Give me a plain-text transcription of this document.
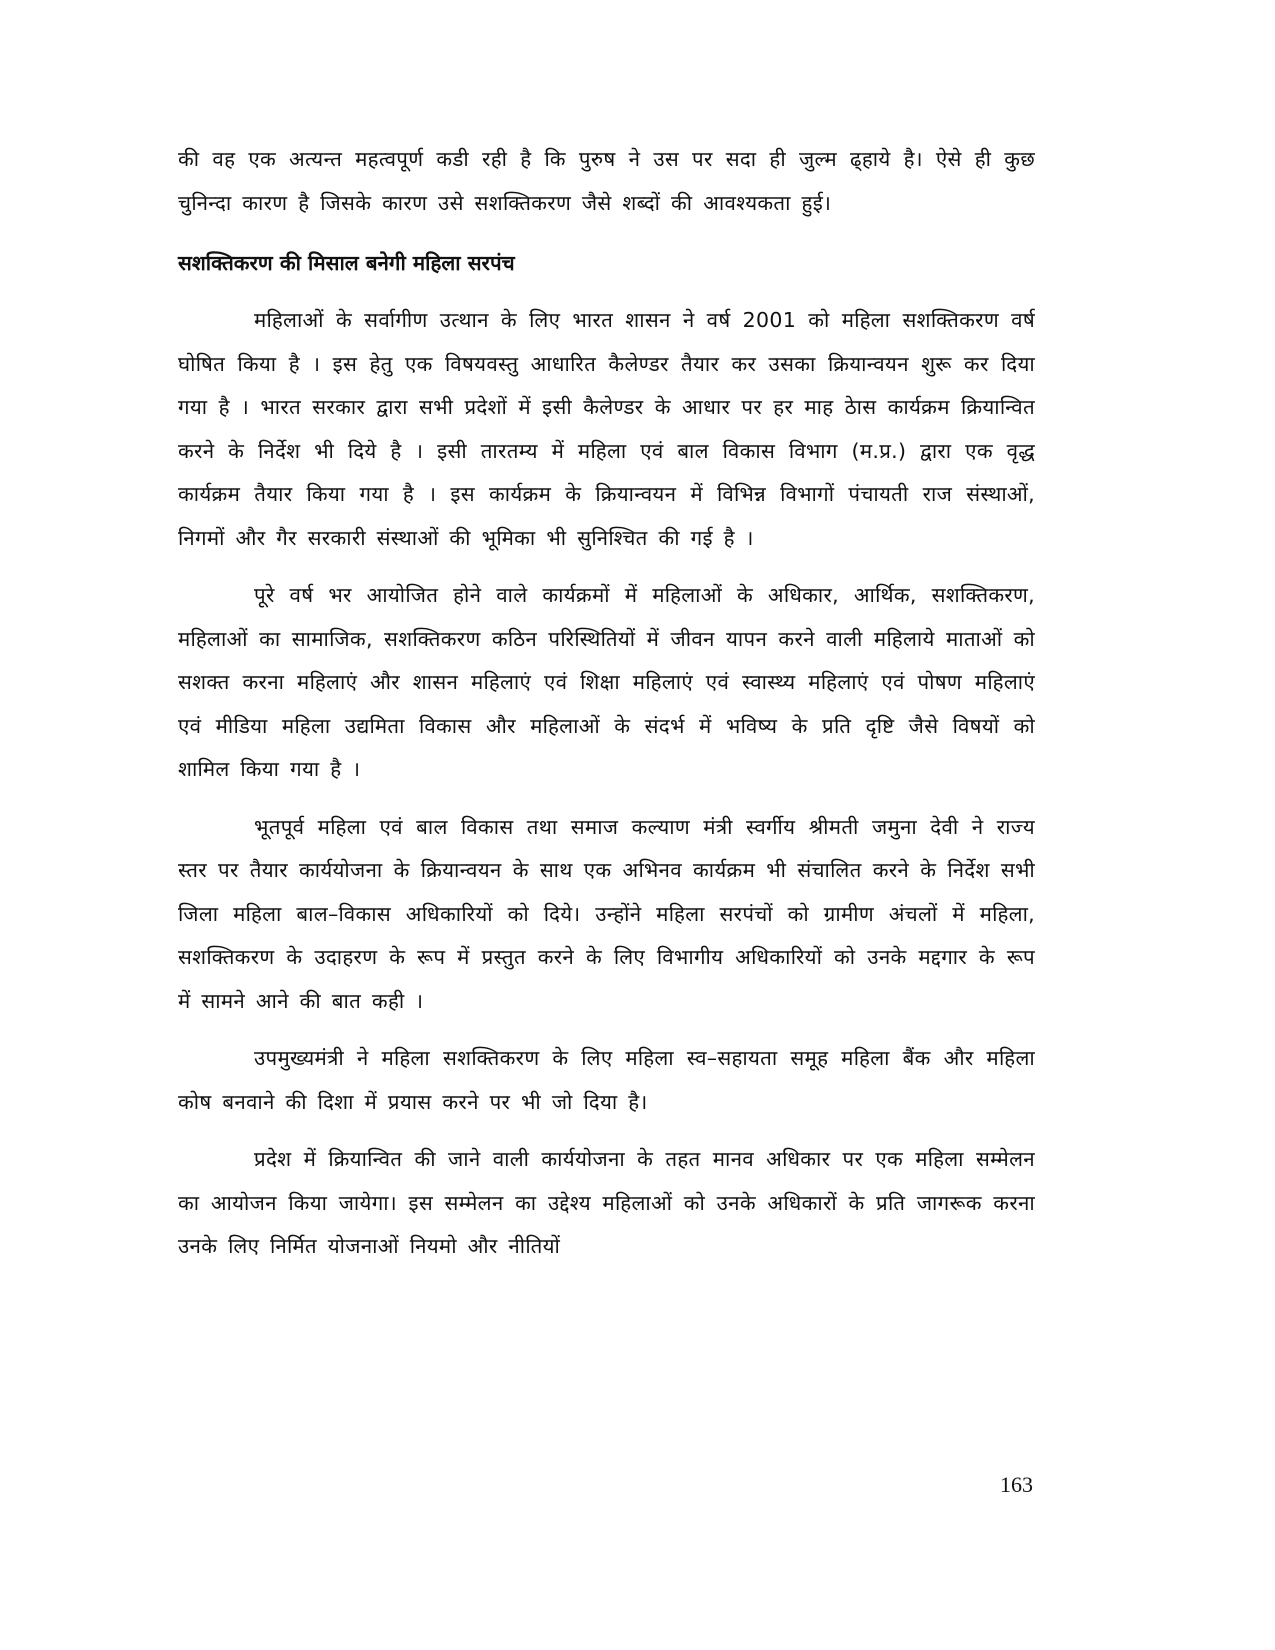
की वह एक अत्यन्त महत्वपूर्ण कडी रही है कि पुरुष ने उस पर सदा ही जुल्म ढ्हाये है। ऐसे ही कुछ चुनिन्दा कारण है जिसके कारण उसे सशक्तिकरण जैसे शब्दों की आवश्यकता हुई।

सशक्तिकरण की मिसाल बनेगी महिला सरपंच

महिलाओं के सर्वागीण उत्थान के लिए भारत शासन ने वर्ष 2001 को महिला सशक्तिकरण वर्ष घोषित किया है । इस हेतु एक विषयवस्तु आधारित कैलेण्डर तैयार कर उसका क्रियान्वयन शुरू कर दिया गया है । भारत सरकार द्वारा सभी प्रदेशों में इसी कैलेण्डर के आधार पर हर माह ठेास कार्यक्रम क्रियान्वित करने के निर्देश भी दिये है । इसी तारतम्य में महिला एवं बाल विकास विभाग (म.प्र.) द्वारा एक वृद्ध कार्यक्रम तैयार किया गया है । इस कार्यक्रम के क्रियान्वयन में विभिन्न विभागों पंचायती राज संस्थाओं, निगमों और गैर सरकारी संस्थाओं की भूमिका भी सुनिश्चित की गई है ।

पूरे वर्ष भर आयोजित होने वाले कार्यक्रमों में महिलाओं के अधिकार, आर्थिक, सशक्तिकरण, महिलाओं का सामाजिक, सशक्तिकरण कठिन परिस्थितियों में जीवन यापन करने वाली महिलाये माताओं को सशक्त करना महिलाएं और शासन महिलाएं एवं शिक्षा महिलाएं एवं स्वास्थ्य महिलाएं एवं पोषण महिलाएं एवं मीडिया महिला उद्यमिता विकास और महिलाओं के संदर्भ में भविष्य के प्रति दृष्टि जैसे विषयों को शामिल किया गया है ।

भूतपूर्व महिला एवं बाल विकास तथा समाज कल्याण मंत्री स्वर्गीय श्रीमती जमुना देवी ने राज्य स्तर पर तैयार कार्ययोजना के क्रियान्वयन के साथ एक अभिनव कार्यक्रम भी संचालित करने के निर्देश सभी जिला महिला बाल–विकास अधिकारियों को दिये। उन्होंने महिला सरपंचों को ग्रामीण अंचलों में महिला, सशक्तिकरण के उदाहरण के रूप में प्रस्तुत करने के लिए विभागीय अधिकारियों को उनके मद्दगार के रूप में सामने आने की बात कही ।

उपमुख्यमंत्री ने महिला सशक्तिकरण के लिए महिला स्व–सहायता समूह महिला बैंक और महिला कोष बनवाने की दिशा में प्रयास करने पर भी जो दिया है।

प्रदेश में क्रियान्वित की जाने वाली कार्ययोजना के तहत मानव अधिकार पर एक महिला सम्मेलन का आयोजन किया जायेगा। इस सम्मेलन का उद्देश्य महिलाओं को उनके अधिकारों के प्रति जागरूक करना उनके लिए निर्मित योजनाओं नियमो और नीतियों

163
